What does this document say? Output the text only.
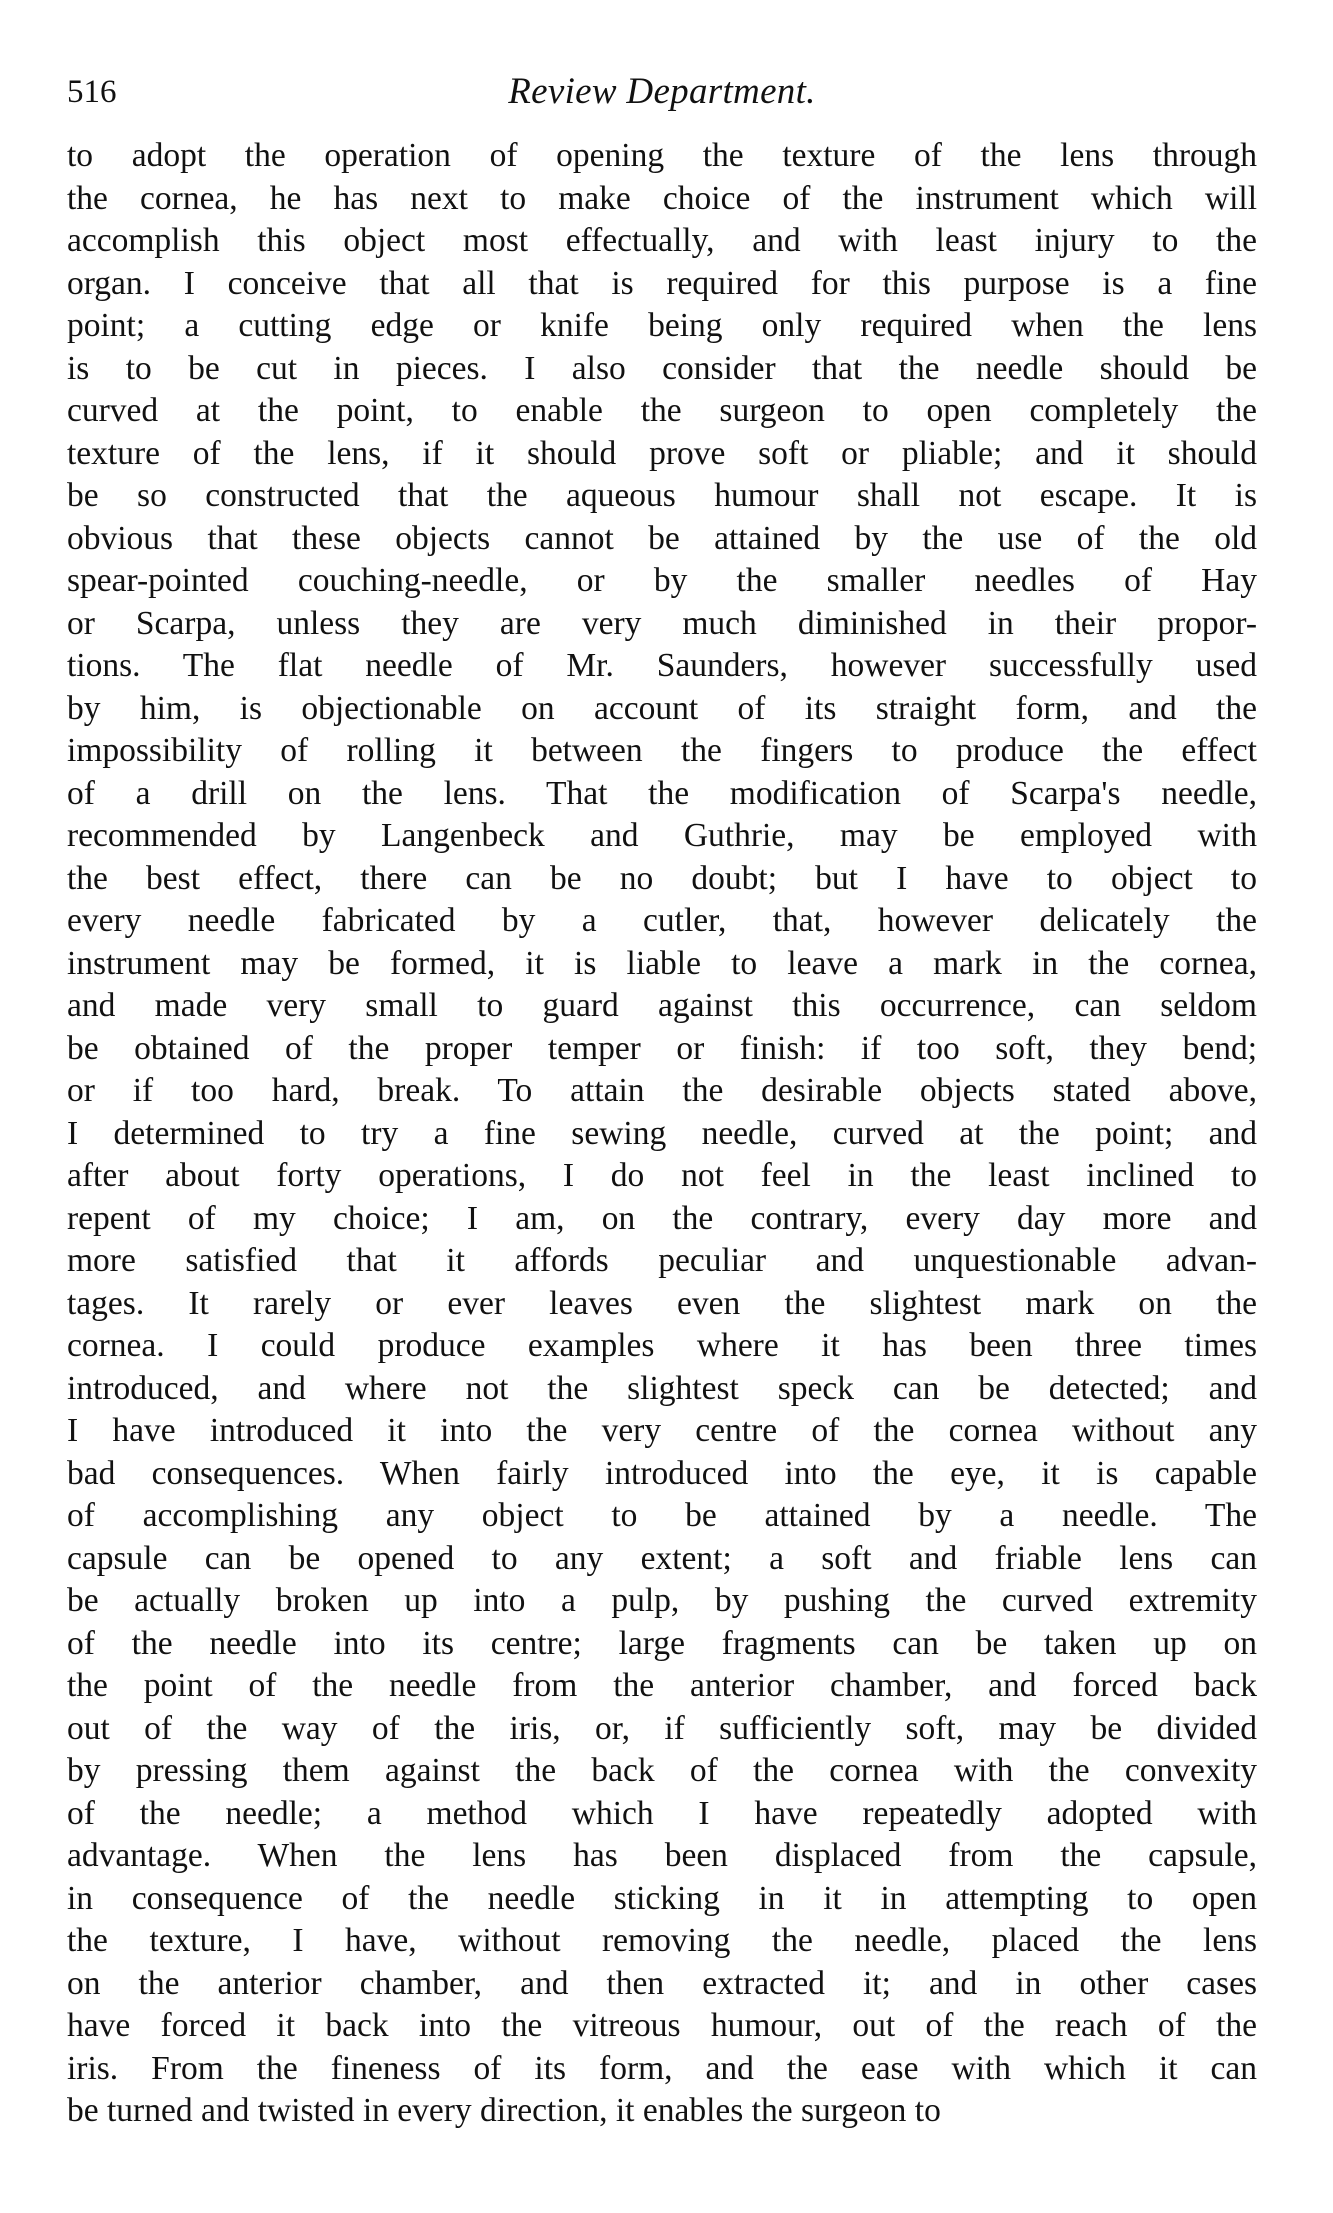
516	Review Department.
to adopt the operation of opening the texture of the lens through
the cornea, he has next to make choice of the instrument which will
accomplish this object most effectually, and with least injury to the
organ. I conceive that all that is required for this purpose is a fine
point; a cutting edge or knife being only required when the lens
is to be cut in pieces. I also consider that the needle should be
curved at the point, to enable the surgeon to open completely the
texture of the lens, if it should prove soft or pliable; and it should
be so constructed that the aqueous humour shall not escape. It is
obvious that these objects cannot be attained by the use of the old
spear-pointed couching-needle, or by the smaller needles of Hay
or Scarpa, unless they are very much diminished in their propor-
tions. The flat needle of Mr. Saunders, however successfully used
by him, is objectionable on account of its straight form, and the
impossibility of rolling it between the fingers to produce the effect
of a drill on the lens. That the modification of Scarpa's needle,
recommended by Langenbeck and Guthrie, may be employed with
the best effect, there can be no doubt; but I have to object to
every needle fabricated by a cutler, that, however delicately the
instrument may be formed, it is liable to leave a mark in the cornea,
and made very small to guard against this occurrence, can seldom
be obtained of the proper temper or finish: if too soft, they bend;
or if too hard, break. To attain the desirable objects stated above,
I determined to try a fine sewing needle, curved at the point; and
after about forty operations, I do not feel in the least inclined to
repent of my choice; I am, on the contrary, every day more and
more satisfied that it affords peculiar and unquestionable advan-
tages. It rarely or ever leaves even the slightest mark on the
cornea. I could produce examples where it has been three times
introduced, and where not the slightest speck can be detected; and
I have introduced it into the very centre of the cornea without any
bad consequences. When fairly introduced into the eye, it is capable
of accomplishing any object to be attained by a needle. The
capsule can be opened to any extent; a soft and friable lens can
be actually broken up into a pulp, by pushing the curved extremity
of the needle into its centre; large fragments can be taken up on
the point of the needle from the anterior chamber, and forced back
out of the way of the iris, or, if sufficiently soft, may be divided
by pressing them against the back of the cornea with the convexity
of the needle; a method which I have repeatedly adopted with
advantage. When the lens has been displaced from the capsule,
in consequence of the needle sticking in it in attempting to open
the texture, I have, without removing the needle, placed the lens
on the anterior chamber, and then extracted it; and in other cases
have forced it back into the vitreous humour, out of the reach of the
iris. From the fineness of its form, and the ease with which it can
be turned and twisted in every direction, it enables the surgeon to
